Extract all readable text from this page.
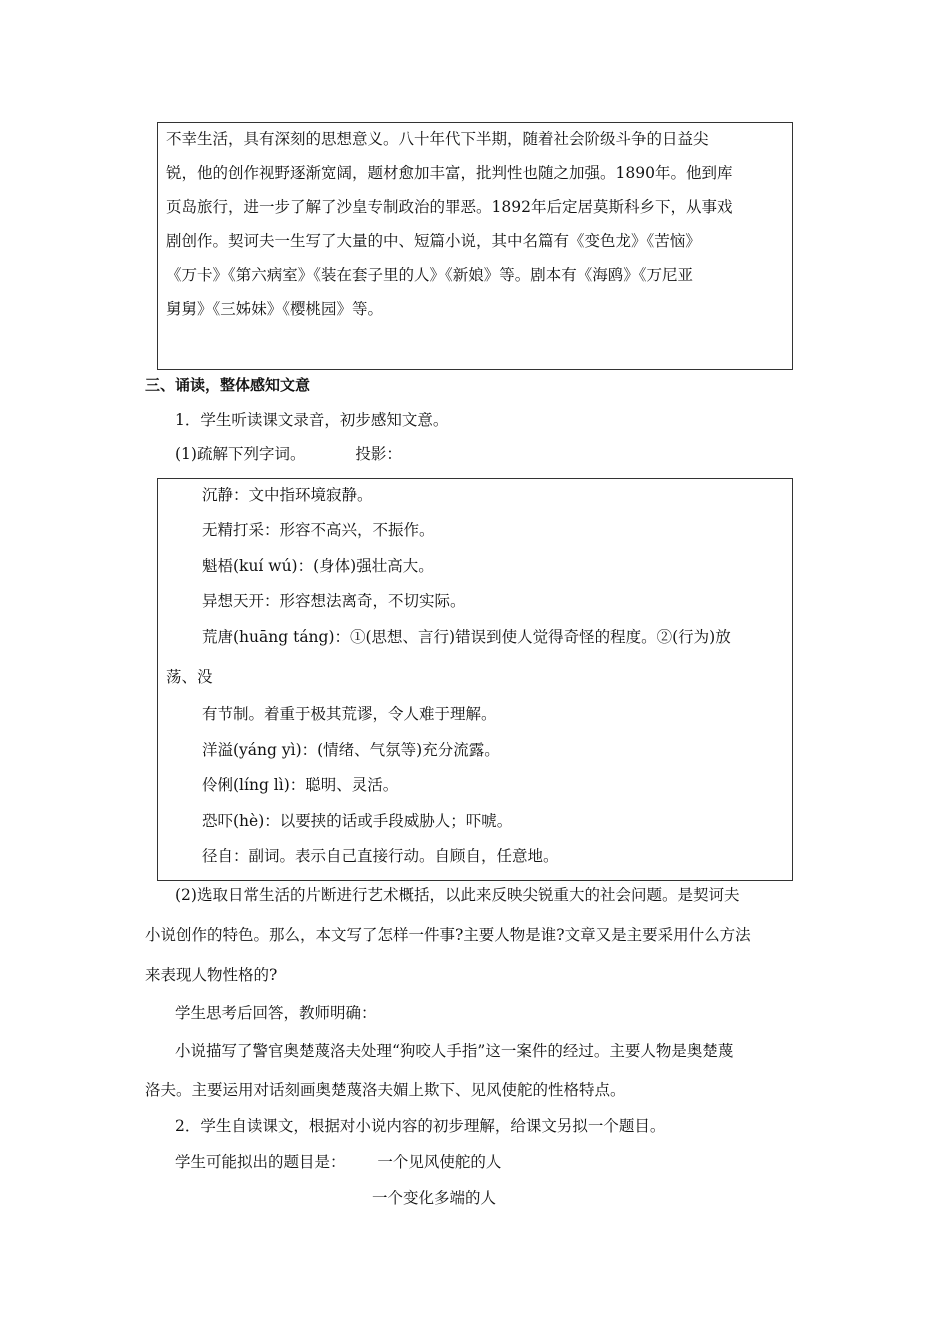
不幸生活，具有深刻的思想意义。八十年代下半期，随着社会阶级斗争的日益尖
锐，他的创作视野逐渐宽阔，题材愈加丰富，批判性也随之加强。1890年。他到库
页岛旅行，进一步了解了沙皇专制政治的罪恶。1892年后定居莫斯科乡下，从事戏
剧创作。契诃夫一生写了大量的中、短篇小说，其中名篇有《变色龙》《苦恼》
《万卡》《第六病室》《装在套子里的人》《新娘》等。剧本有《海鸥》《万尼亚
舅舅》《三姊妹》《樱桃园》等。
三、诵读，整体感知文意
1．学生听读课文录音，初步感知文意。
(1)疏解下列字词。	投影：
沉静：文中指环境寂静。
无精打采：形容不高兴，不振作。
魁梧(kuí wú)：(身体)强壮高大。
异想天开：形容想法离奇，不切实际。
荒唐(huāng táng)：①(思想、言行)错误到使人觉得奇怪的程度。②(行为)放
荡、没
有节制。着重于极其荒谬，令人难于理解。
洋溢(yáng yì)：(情绪、气氛等)充分流露。
伶俐(líng lì)：聪明、灵活。
恐吓(hè)：以要挟的话或手段威胁人；吓唬。
径自：副词。表示自己直接行动。自顾自，任意地。
(2)选取日常生活的片断进行艺术概括，以此来反映尖锐重大的社会问题。是契诃夫
小说创作的特色。那么，本文写了怎样一件事?主要人物是谁?文章又是主要采用什么方法
来表现人物性格的?
学生思考后回答，教师明确：
小说描写了警官奥楚蔑洛夫处理“狗咬人手指”这一案件的经过。主要人物是奥楚蔑
洛夫。主要运用对话刻画奥楚蔑洛夫媚上欺下、见风使舵的性格特点。
2．学生自读课文，根据对小说内容的初步理解，给课文另拟一个题目。
学生可能拟出的题目是： 一个见风使舵的人
一个变化多端的人
